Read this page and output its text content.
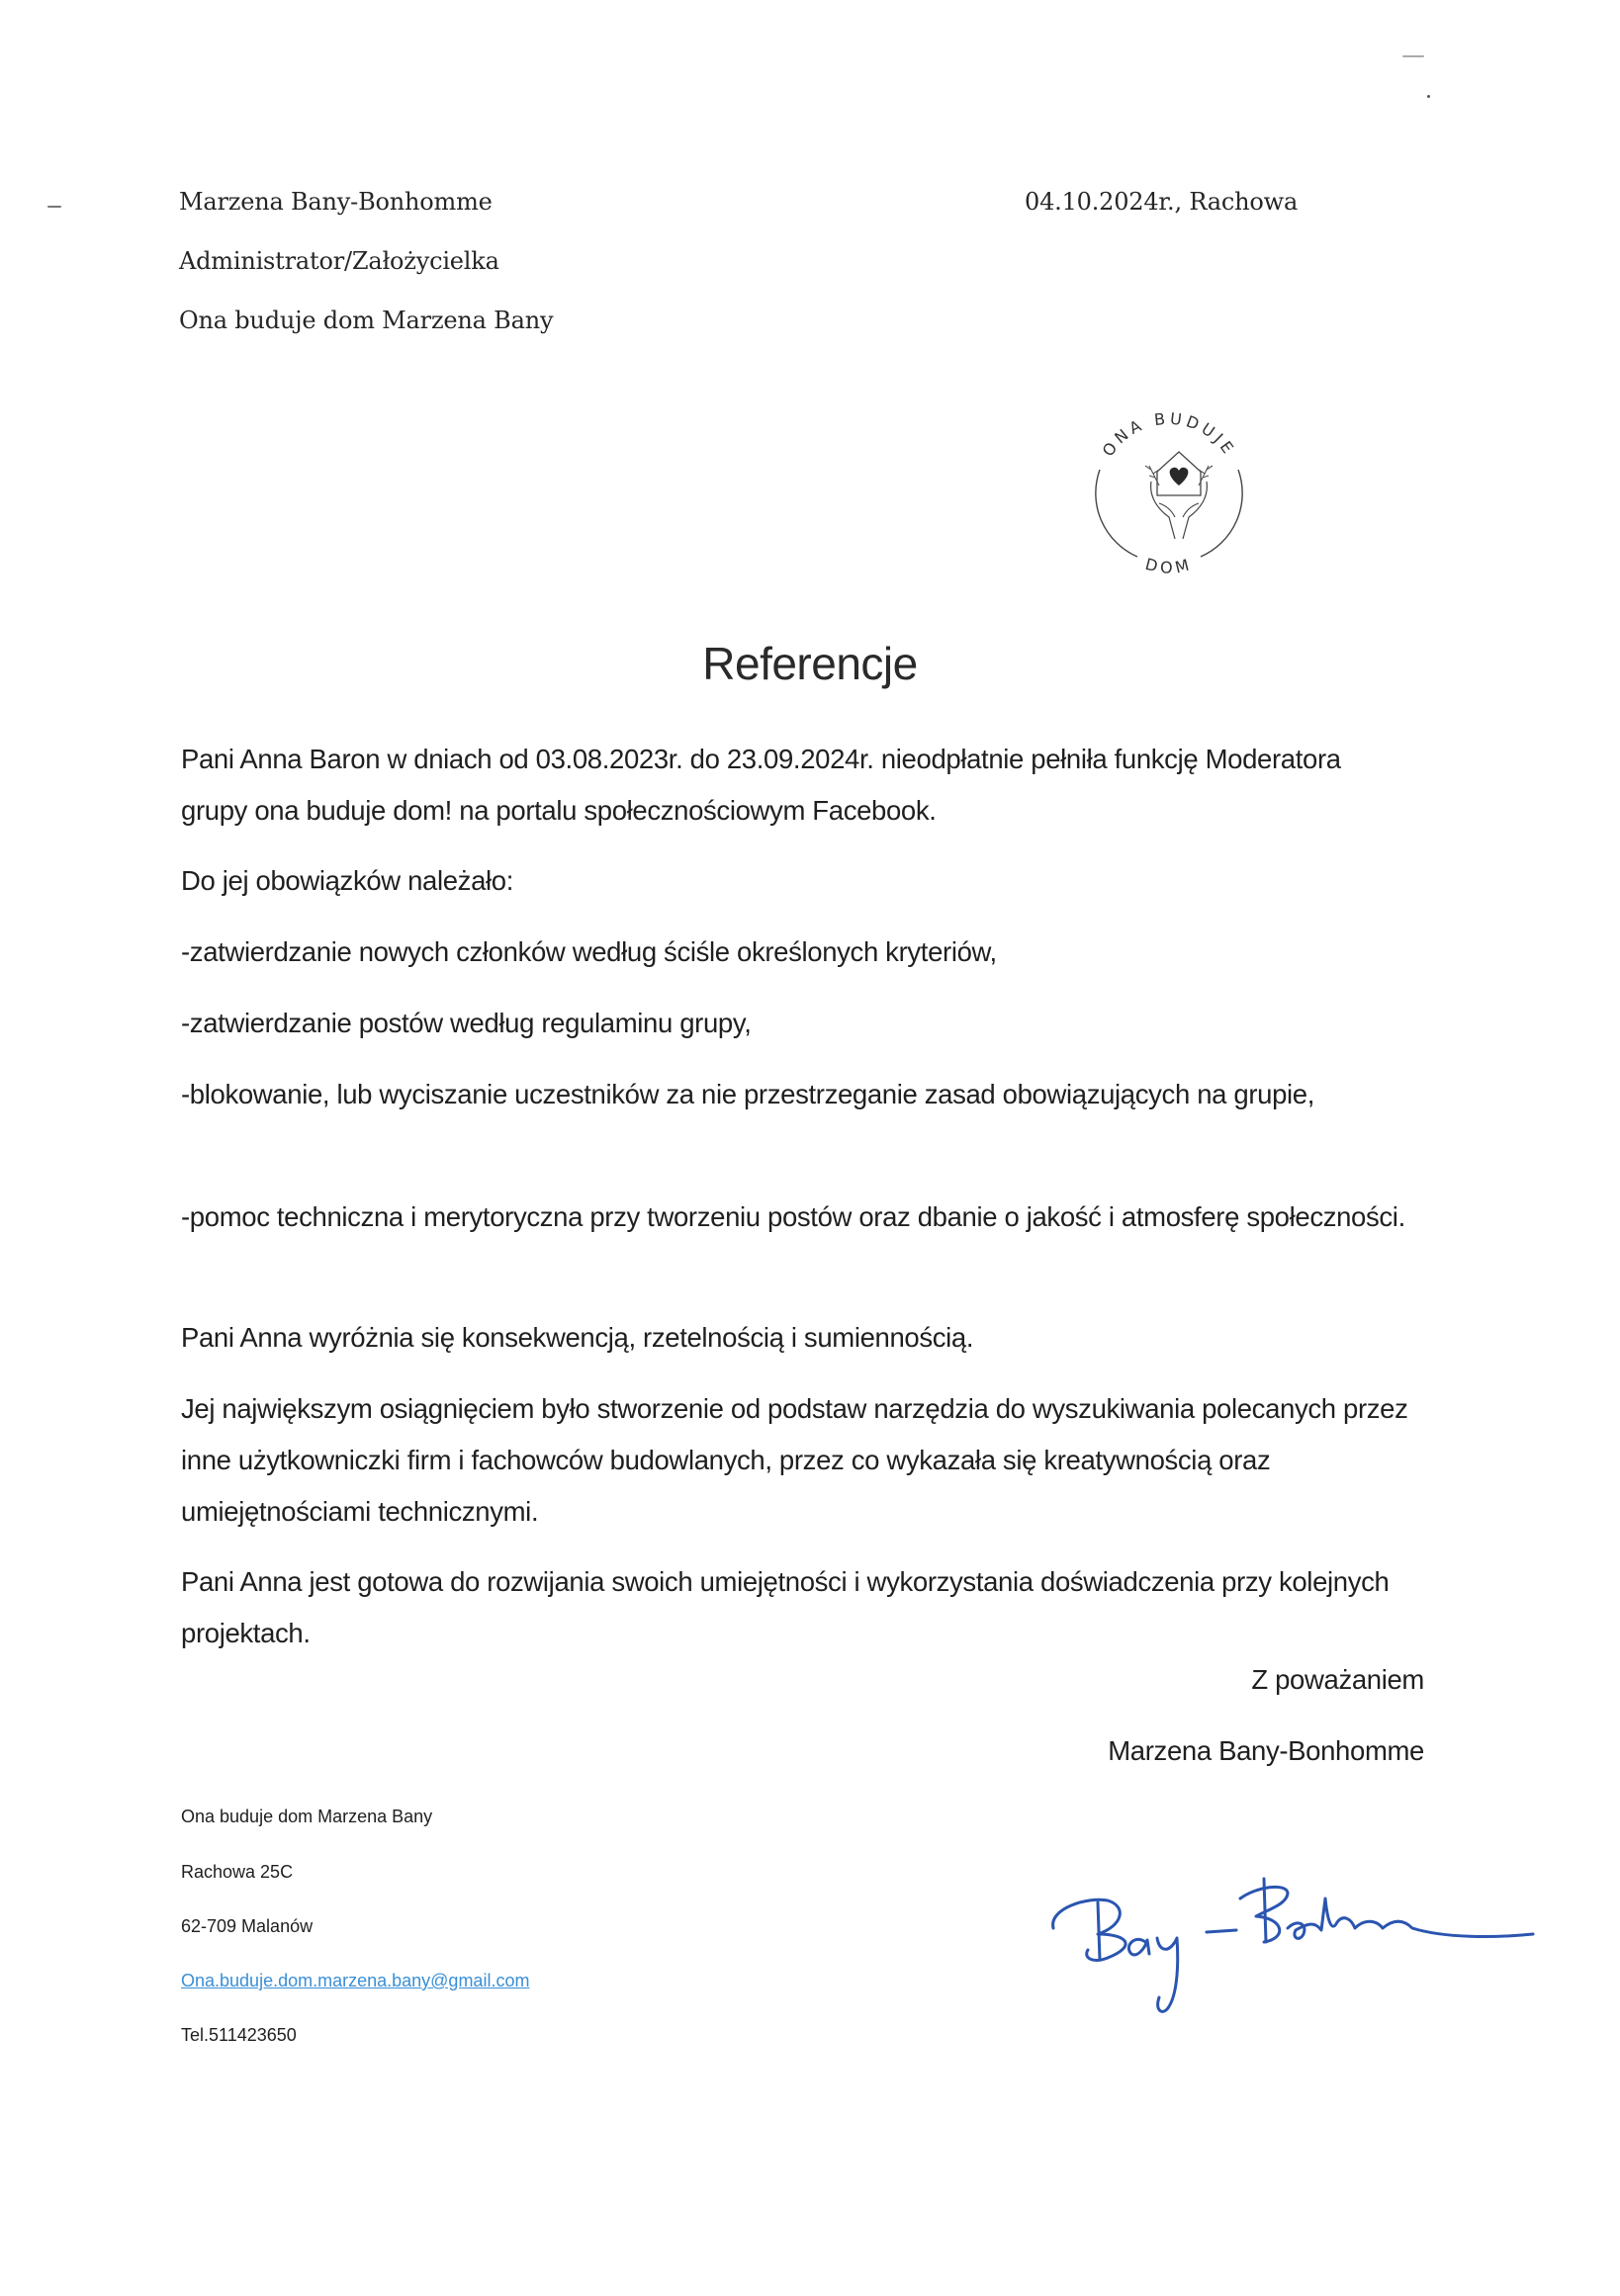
Marzena Bany-Bonhomme
Administrator/Założycielka
Ona buduje dom Marzena Bany
04.10.2024r., Rachowa
ONA BUDUJE
DOM
Referencje

Pani Anna Baron w dniach od 03.08.2023r. do 23.09.2024r. nieodpłatnie pełniła funkcję Moderatora grupy ona buduje dom! na portalu społecznościowym Facebook.

Do jej obowiązków należało:

-zatwierdzanie nowych członków według ściśle określonych kryteriów,

-zatwierdzanie postów według regulaminu grupy,

-blokowanie, lub wyciszanie uczestników za nie przestrzeganie zasad obowiązujących na grupie,

-pomoc techniczna i merytoryczna przy tworzeniu postów oraz dbanie o jakość i atmosferę społeczności.

Pani Anna wyróżnia się konsekwencją, rzetelnością i sumiennością.

Jej największym osiągnięciem było stworzenie od podstaw narzędzia do wyszukiwania polecanych przez inne użytkowniczki firm i fachowców budowlanych, przez co wykazała się kreatywnością oraz umiejętnościami technicznymi.

Pani Anna jest gotowa do rozwijania swoich umiejętności i wykorzystania doświadczenia przy kolejnych projektach.

Z poważaniem
Marzena Bany-Bonhomme
Ona buduje dom Marzena Bany
Rachowa 25C
62-709 Malanów
Ona.buduje.dom.marzena.bany@gmail.com
Tel.511423650
